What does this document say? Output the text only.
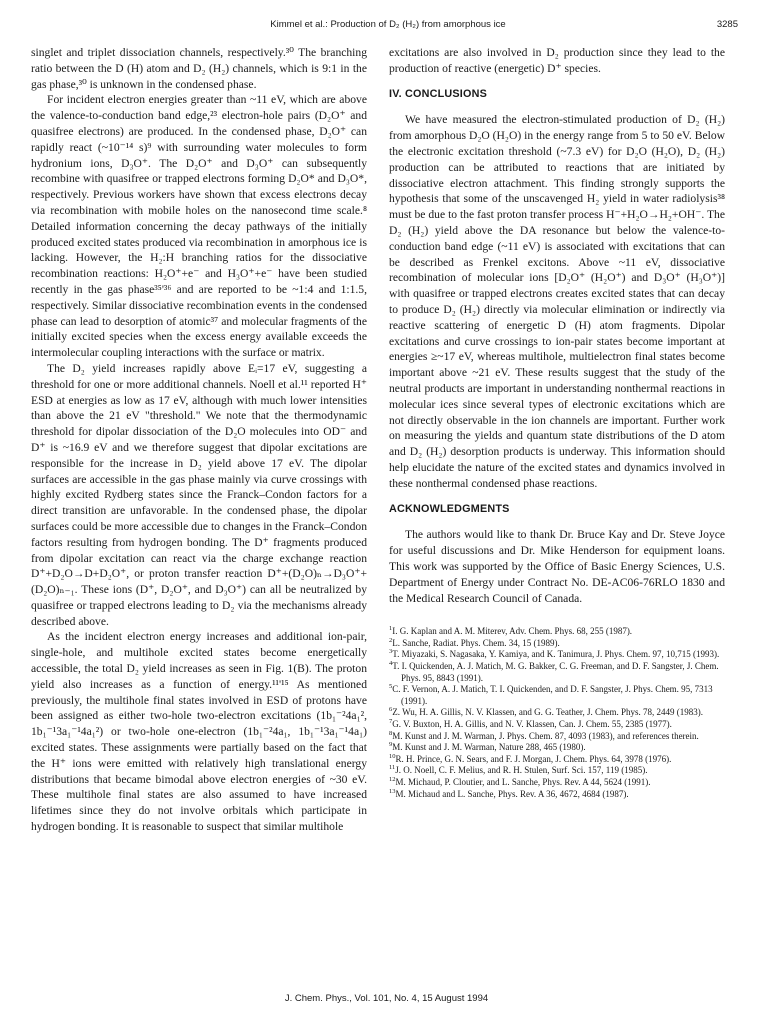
Kimmel et al.: Production of D₂ (H₂) from amorphous ice	3285

singlet and triplet dissociation channels, respectively.³⁰ The branching ratio between the D (H) atom and D₂ (H₂) channels, which is 9:1 in the gas phase,³⁰ is unknown in the condensed phase.

For incident electron energies greater than ~11 eV, which are above the valence-to-conduction band edge,²³ electron-hole pairs (D₂O⁺ and quasifree electrons) are produced. In the condensed phase, D₂O⁺ can rapidly react (~10⁻¹⁴ s)⁹ with surrounding water molecules to form hydronium ions, D₃O⁺. The D₂O⁺ and D₃O⁺ can subsequently recombine with quasifree or trapped electrons forming D₂O* and D₃O*, respectively. Previous workers have shown that excess electrons decay via recombination with mobile holes on the nanosecond time scale.⁸ Detailed information concerning the decay pathways of the initially produced excited states produced via recombination in amorphous ice is lacking. However, the H₂:H branching ratios for the dissociative recombination reactions: H₂O⁺+e⁻ and H₃O⁺+e⁻ have been studied recently in the gas phase³⁵'³⁶ and are reported to be ~1:4 and 1:1.5, respectively. Similar dissociative recombination events in the condensed phase can lead to desorption of atomic³⁷ and molecular fragments of the initially excited species when the excess energy available exceeds the intermolecular coupling interactions with the surface or matrix.

The D₂ yield increases rapidly above Eᵢ=17 eV, suggesting a threshold for one or more additional channels. Noell et al.¹¹ reported H⁺ ESD at energies as low as 17 eV, although with much lower intensities than above the 21 eV "threshold." We note that the thermodynamic threshold for dipolar dissociation of the D₂O molecules into OD⁻ and D⁺ is ~16.9 eV and we therefore suggest that dipolar excitations are responsible for the increase in D₂ yield above 17 eV. The dipolar surfaces are accessible in the gas phase mainly via curve crossings with highly excited Rydberg states since the Franck–Condon factors for a direct transition are unfavorable. In the condensed phase, the dipolar surfaces could be more accessible due to changes in the Franck–Condon factors resulting from hydrogen bonding. The D⁺ fragments produced from dipolar excitation can react via the charge exchange reaction D⁺+D₂O→D+D₂O⁺, or proton transfer reaction D⁺+(D₂O)ₙ→D₃O⁺+(D₂O)ₙ₋₁. These ions (D⁺, D₂O⁺, and D₃O⁺) can all be neutralized by quasifree or trapped electrons leading to D₂ via the mechanisms already described above.

As the incident electron energy increases and additional ion-pair, single-hole, and multihole excited states become energetically accessible, the total D₂ yield increases as seen in Fig. 1(B). The proton yield also increases as a function of energy.¹¹'¹⁵ As mentioned previously, the multihole final states involved in ESD of protons have been assigned as either two-hole two-electron excitations (1b₁⁻²4a₁², 1b₁⁻¹3a₁⁻¹4a₁²) or two-hole one-electron (1b₁⁻²4a₁, 1b₁⁻¹3a₁⁻¹4a₁) excited states. These assignments were partially based on the fact that the H⁺ ions were emitted with relatively high translational energy distributions that became bimodal above electron energies of ~30 eV. These multihole final states are also assumed to have increased lifetimes since they do not involve orbitals which participate in hydrogen bonding. It is reasonable to suspect that similar multihole

excitations are also involved in D₂ production since they lead to the production of reactive (energetic) D⁺ species.

IV. CONCLUSIONS

We have measured the electron-stimulated production of D₂ (H₂) from amorphous D₂O (H₂O) in the energy range from 5 to 50 eV. Below the electronic excitation threshold (~7.3 eV) for D₂O (H₂O), D₂ (H₂) production can be attributed to reactions that are initiated by dissociative electron attachment. This finding strongly supports the hypothesis that some of the unscavenged H₂ yield in water radiolysis³⁸ must be due to the fast proton transfer process H⁻+H₂O→H₂+OH⁻. The D₂ (H₂) yield above the DA resonance but below the valence-to-conduction band edge (~11 eV) is associated with excitations that can be described as Frenkel excitons. Above ~11 eV, dissociative recombination of molecular ions [D₂O⁺ (H₂O⁺) and D₃O⁺ (H₃O⁺)] with quasifree or trapped electrons creates excited states that can decay to produce D₂ (H₂) directly via molecular elimination or indirectly via reactive scattering of energetic D (H) atom fragments. Dipolar excitations and curve crossings to ion-pair states become important at energies ≥~17 eV, whereas multihole, multielectron final states become important above ~21 eV. These results suggest that the study of the neutral products are important in understanding nonthermal reactions in molecular ices since several types of electronic excitations which are not directly observable in the ion channels are important. Further work on measuring the yields and quantum state distributions of the D atom and D₂ (H₂) desorption products is underway. This information should help elucidate the nature of the excited states and dynamics involved in these nonthermal condensed phase reactions.

ACKNOWLEDGMENTS

The authors would like to thank Dr. Bruce Kay and Dr. Steve Joyce for useful discussions and Dr. Mike Henderson for equipment loans. This work was supported by the Office of Basic Energy Sciences, U.S. Department of Energy under Contract No. DE-AC06-76RLO 1830 and the Medical Research Council of Canada.

$^1$I. G. Kaplan and A. M. Miterev, Adv. Chem. Phys. 68, 255 (1987).

$^2$L. Sanche, Radiat. Phys. Chem. 34, 15 (1989).

$^3$T. Miyazaki, S. Nagasaka, Y. Kamiya, and K. Tanimura, J. Phys. Chem. 97, 10,715 (1993).

$^4$T. I. Quickenden, A. J. Matich, M. G. Bakker, C. G. Freeman, and D. F. Sangster, J. Chem. Phys. 95, 8843 (1991).

$^5$C. F. Vernon, A. J. Matich, T. I. Quickenden, and D. F. Sangster, J. Phys. Chem. 95, 7313 (1991).

$^6$Z. Wu, H. A. Gillis, N. V. Klassen, and G. G. Teather, J. Chem. Phys. 78, 2449 (1983).

$^7$G. V. Buxton, H. A. Gillis, and N. V. Klassen, Can. J. Chem. 55, 2385 (1977).

$^8$M. Kunst and J. M. Warman, J. Phys. Chem. 87, 4093 (1983), and references therein.

$^9$M. Kunst and J. M. Warman, Nature 288, 465 (1980).

$^{10}$R. H. Prince, G. N. Sears, and F. J. Morgan, J. Chem. Phys. 64, 3978 (1976).

$^{11}$J. O. Noell, C. F. Melius, and R. H. Stulen, Surf. Sci. 157, 119 (1985).

$^{12}$M. Michaud, P. Cloutier, and L. Sanche, Phys. Rev. A 44, 5624 (1991).

$^{13}$M. Michaud and L. Sanche, Phys. Rev. A 36, 4672, 4684 (1987).

J. Chem. Phys., Vol. 101, No. 4, 15 August 1994
